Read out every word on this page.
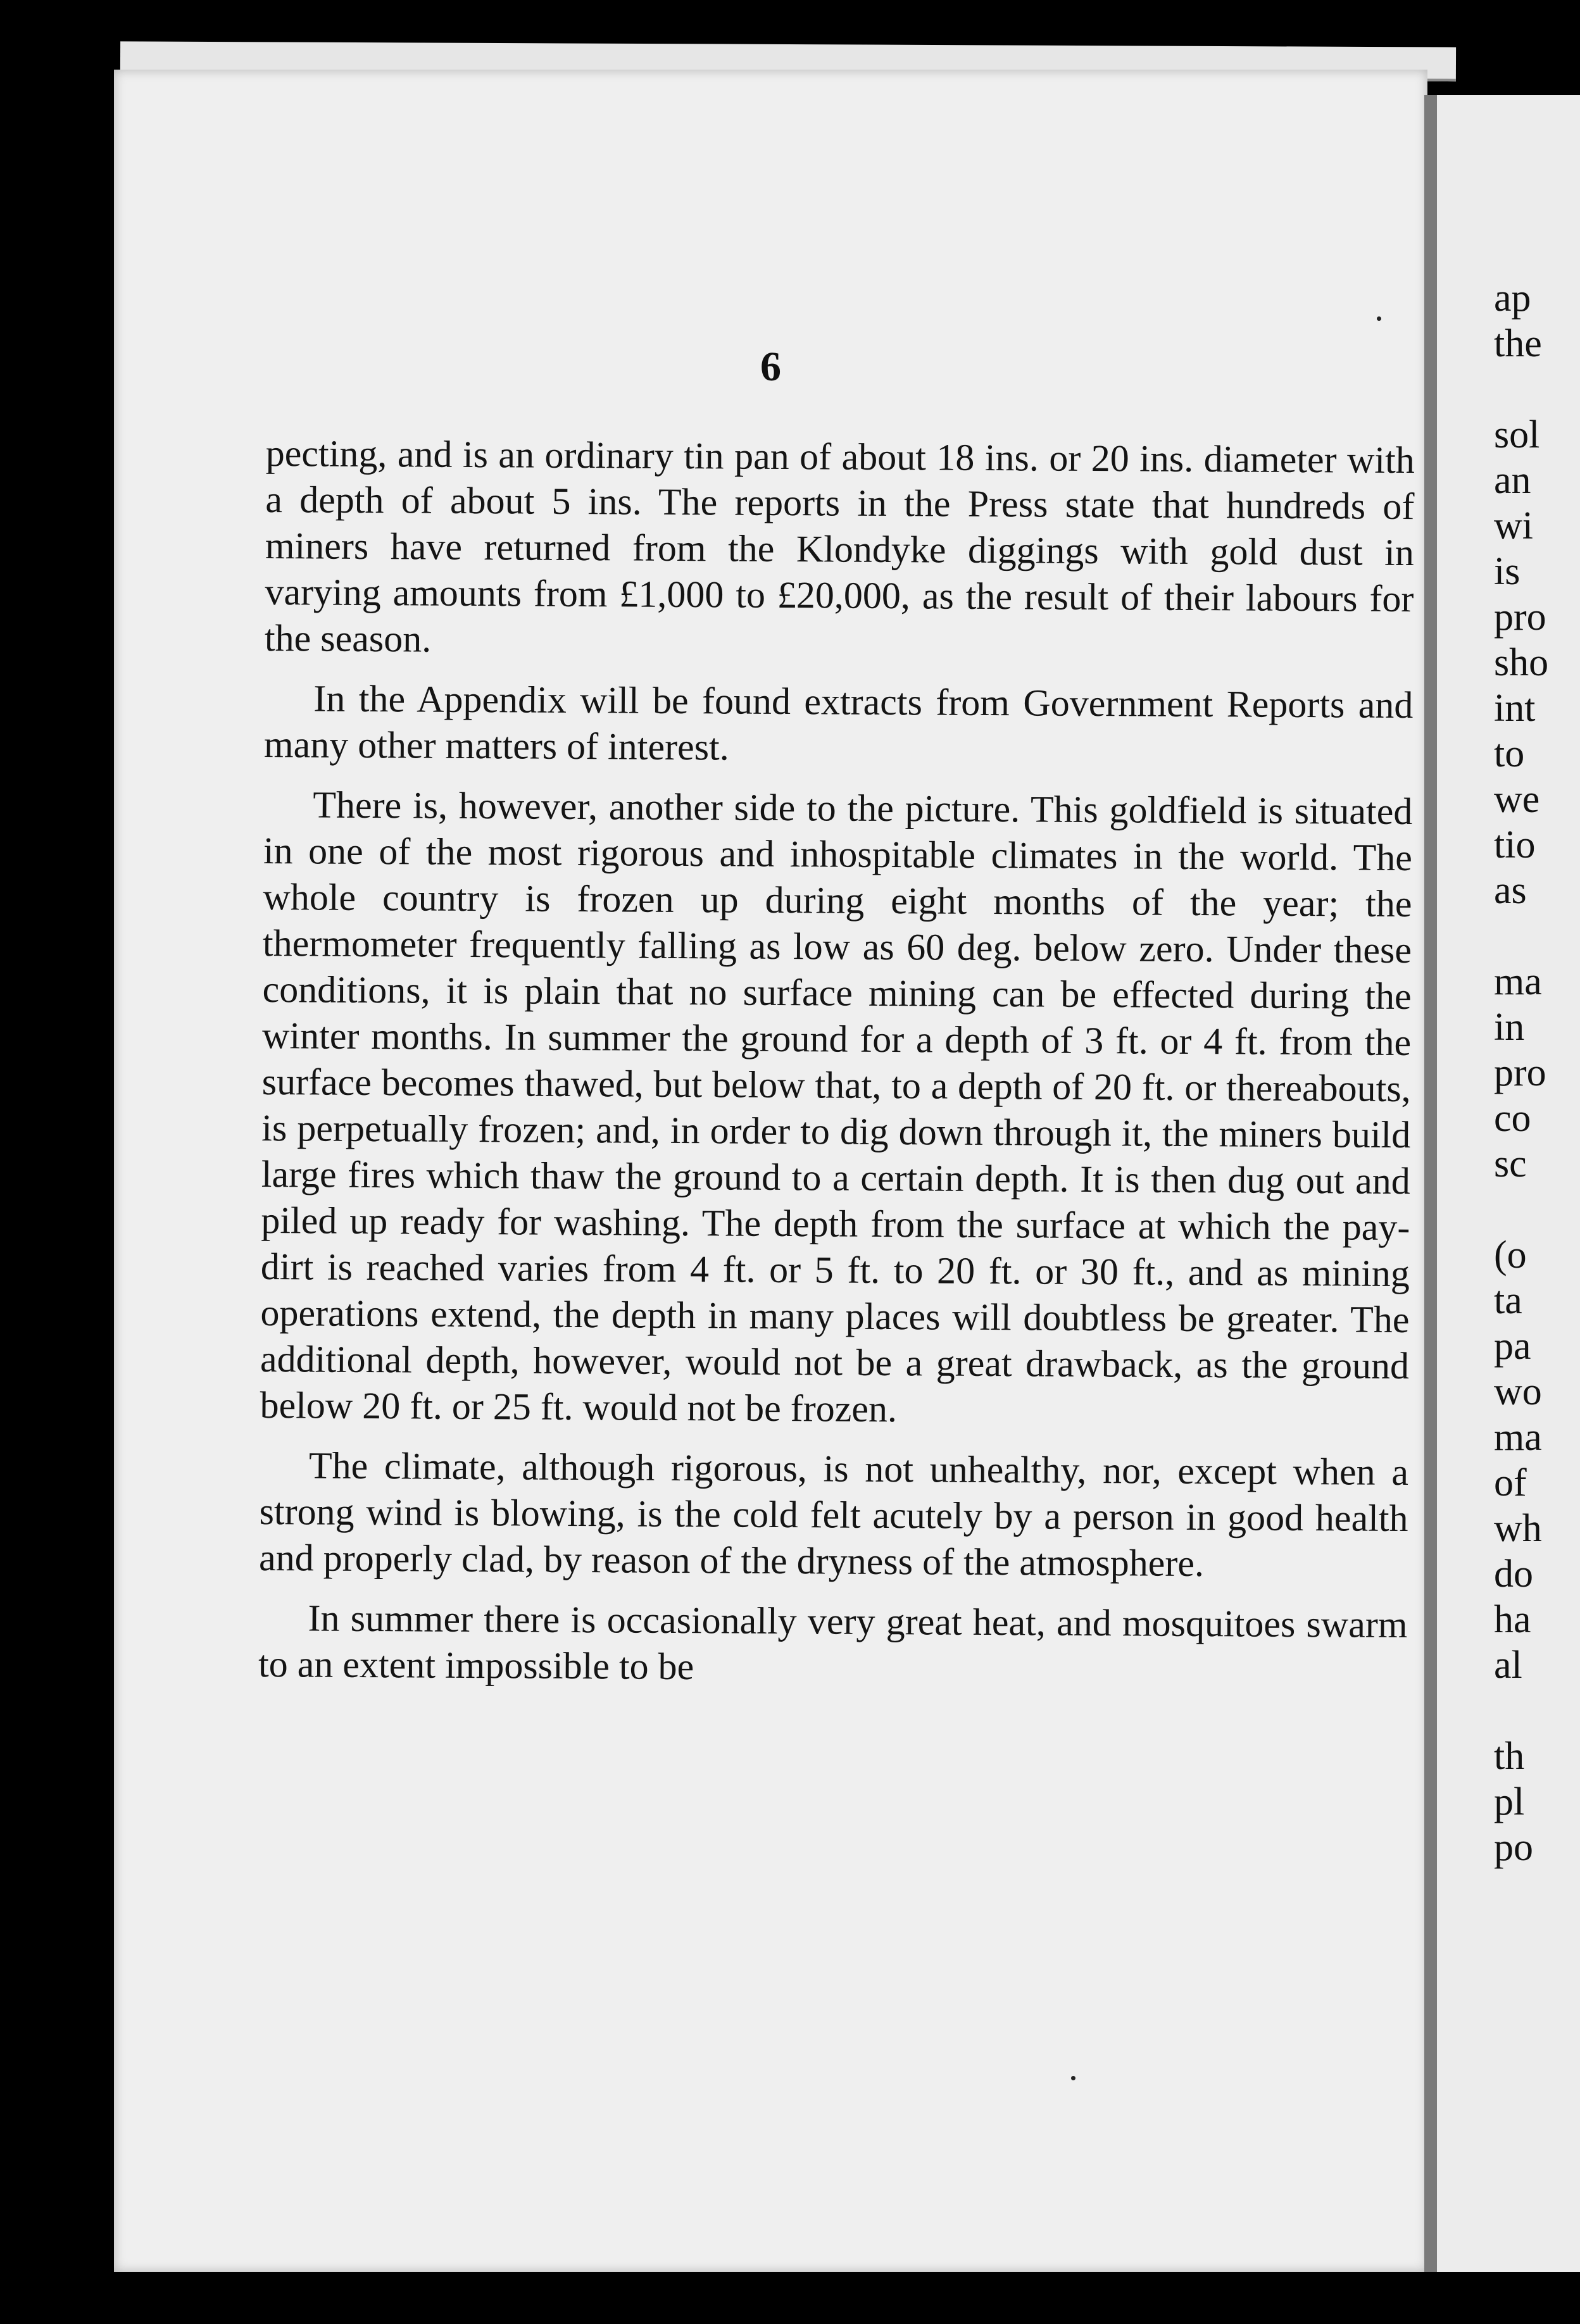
6

pecting, and is an ordinary tin pan of about 18 ins. or 20 ins. diameter with a depth of about 5 ins. The reports in the Press state that hundreds of miners have returned from the Klondyke diggings with gold dust in varying amounts from £1,000 to £20,000, as the result of their labours for the season.

In the Appendix will be found extracts from Government Reports and many other matters of interest.

There is, however, another side to the picture. This goldfield is situated in one of the most rigorous and inhospitable climates in the world. The whole country is frozen up during eight months of the year; the thermometer frequently falling as low as 60 deg. below zero. Under these conditions, it is plain that no surface mining can be effected during the winter months. In summer the ground for a depth of 3 ft. or 4 ft. from the surface becomes thawed, but below that, to a depth of 20 ft. or thereabouts, is perpetually frozen; and, in order to dig down through it, the miners build large fires which thaw the ground to a certain depth. It is then dug out and piled up ready for washing. The depth from the surface at which the pay-dirt is reached varies from 4 ft. or 5 ft. to 20 ft. or 30 ft., and as mining operations extend, the depth in many places will doubtless be greater. The additional depth, however, would not be a great drawback, as the ground below 20 ft. or 25 ft. would not be frozen.

The climate, although rigorous, is not unhealthy, nor, except when a strong wind is blowing, is the cold felt acutely by a person in good health and properly clad, by reason of the dryness of the atmosphere.

In summer there is occasionally very great heat, and mosquitoes swarm to an extent impossible to be

ap
the
sol
an
wi
is
pro
sho
int
to
we
tio
as
ma
in
pro
co
sc
(o
ta
pa
wo
ma
of
wh
do
ha
al
th
pl
po
